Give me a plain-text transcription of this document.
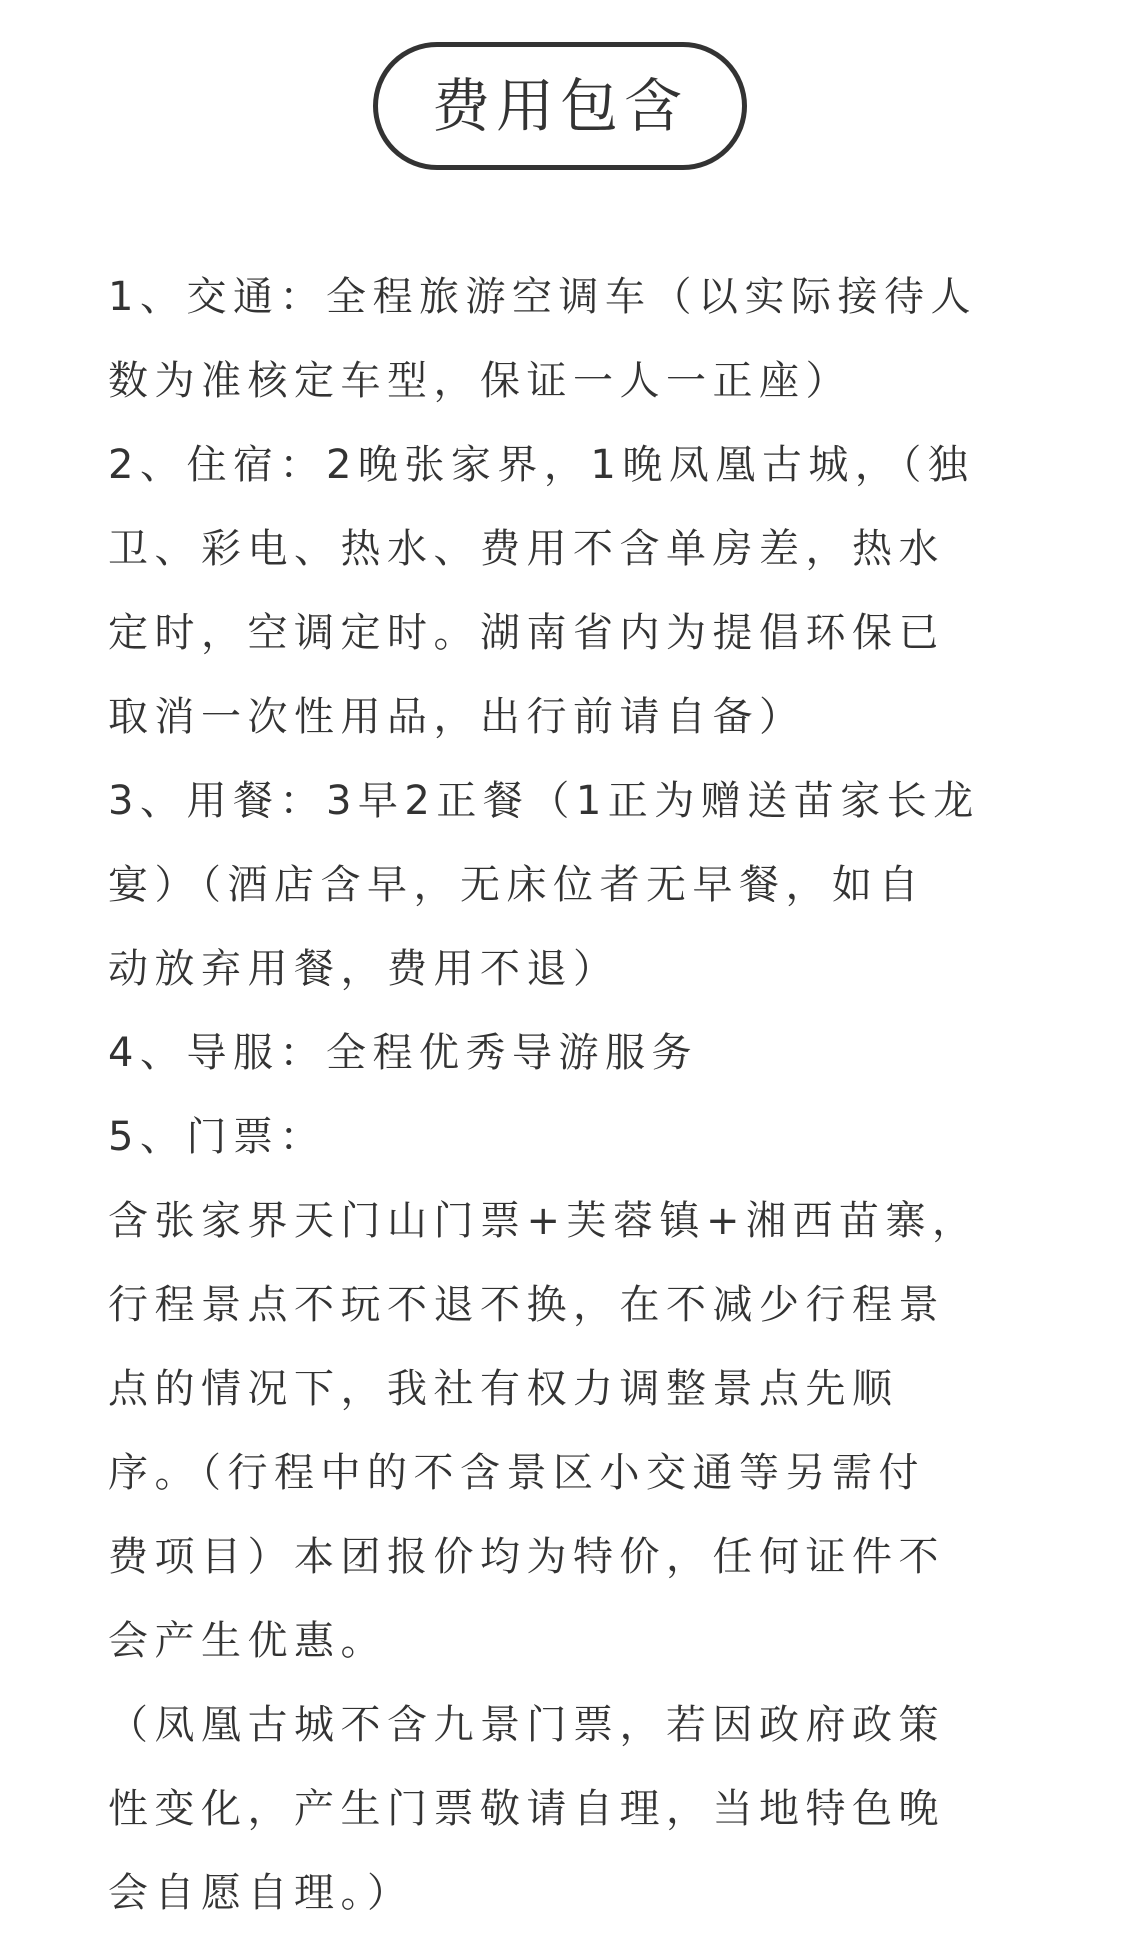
费用包含
1、交通：全程旅游空调车（以实际接待人
数为准核定车型，保证一人一正座）
2、住宿：2晚张家界，1晚凤凰古城，（独
卫、彩电、热水、费用不含单房差，热水
定时，空调定时。湖南省内为提倡环保已
取消一次性用品，出行前请自备）
3、用餐：3早2正餐（1正为赠送苗家长龙
宴）（酒店含早，无床位者无早餐，如自
动放弃用餐，费用不退）
4、导服：全程优秀导游服务
5、门票：
含张家界天门山门票+芙蓉镇+湘西苗寨，
行程景点不玩不退不换，在不减少行程景
点的情况下，我社有权力调整景点先顺
序。（行程中的不含景区小交通等另需付
费项目）本团报价均为特价，任何证件不
会产生优惠。
（凤凰古城不含九景门票，若因政府政策
性变化，产生门票敬请自理，当地特色晚
会自愿自理。）
